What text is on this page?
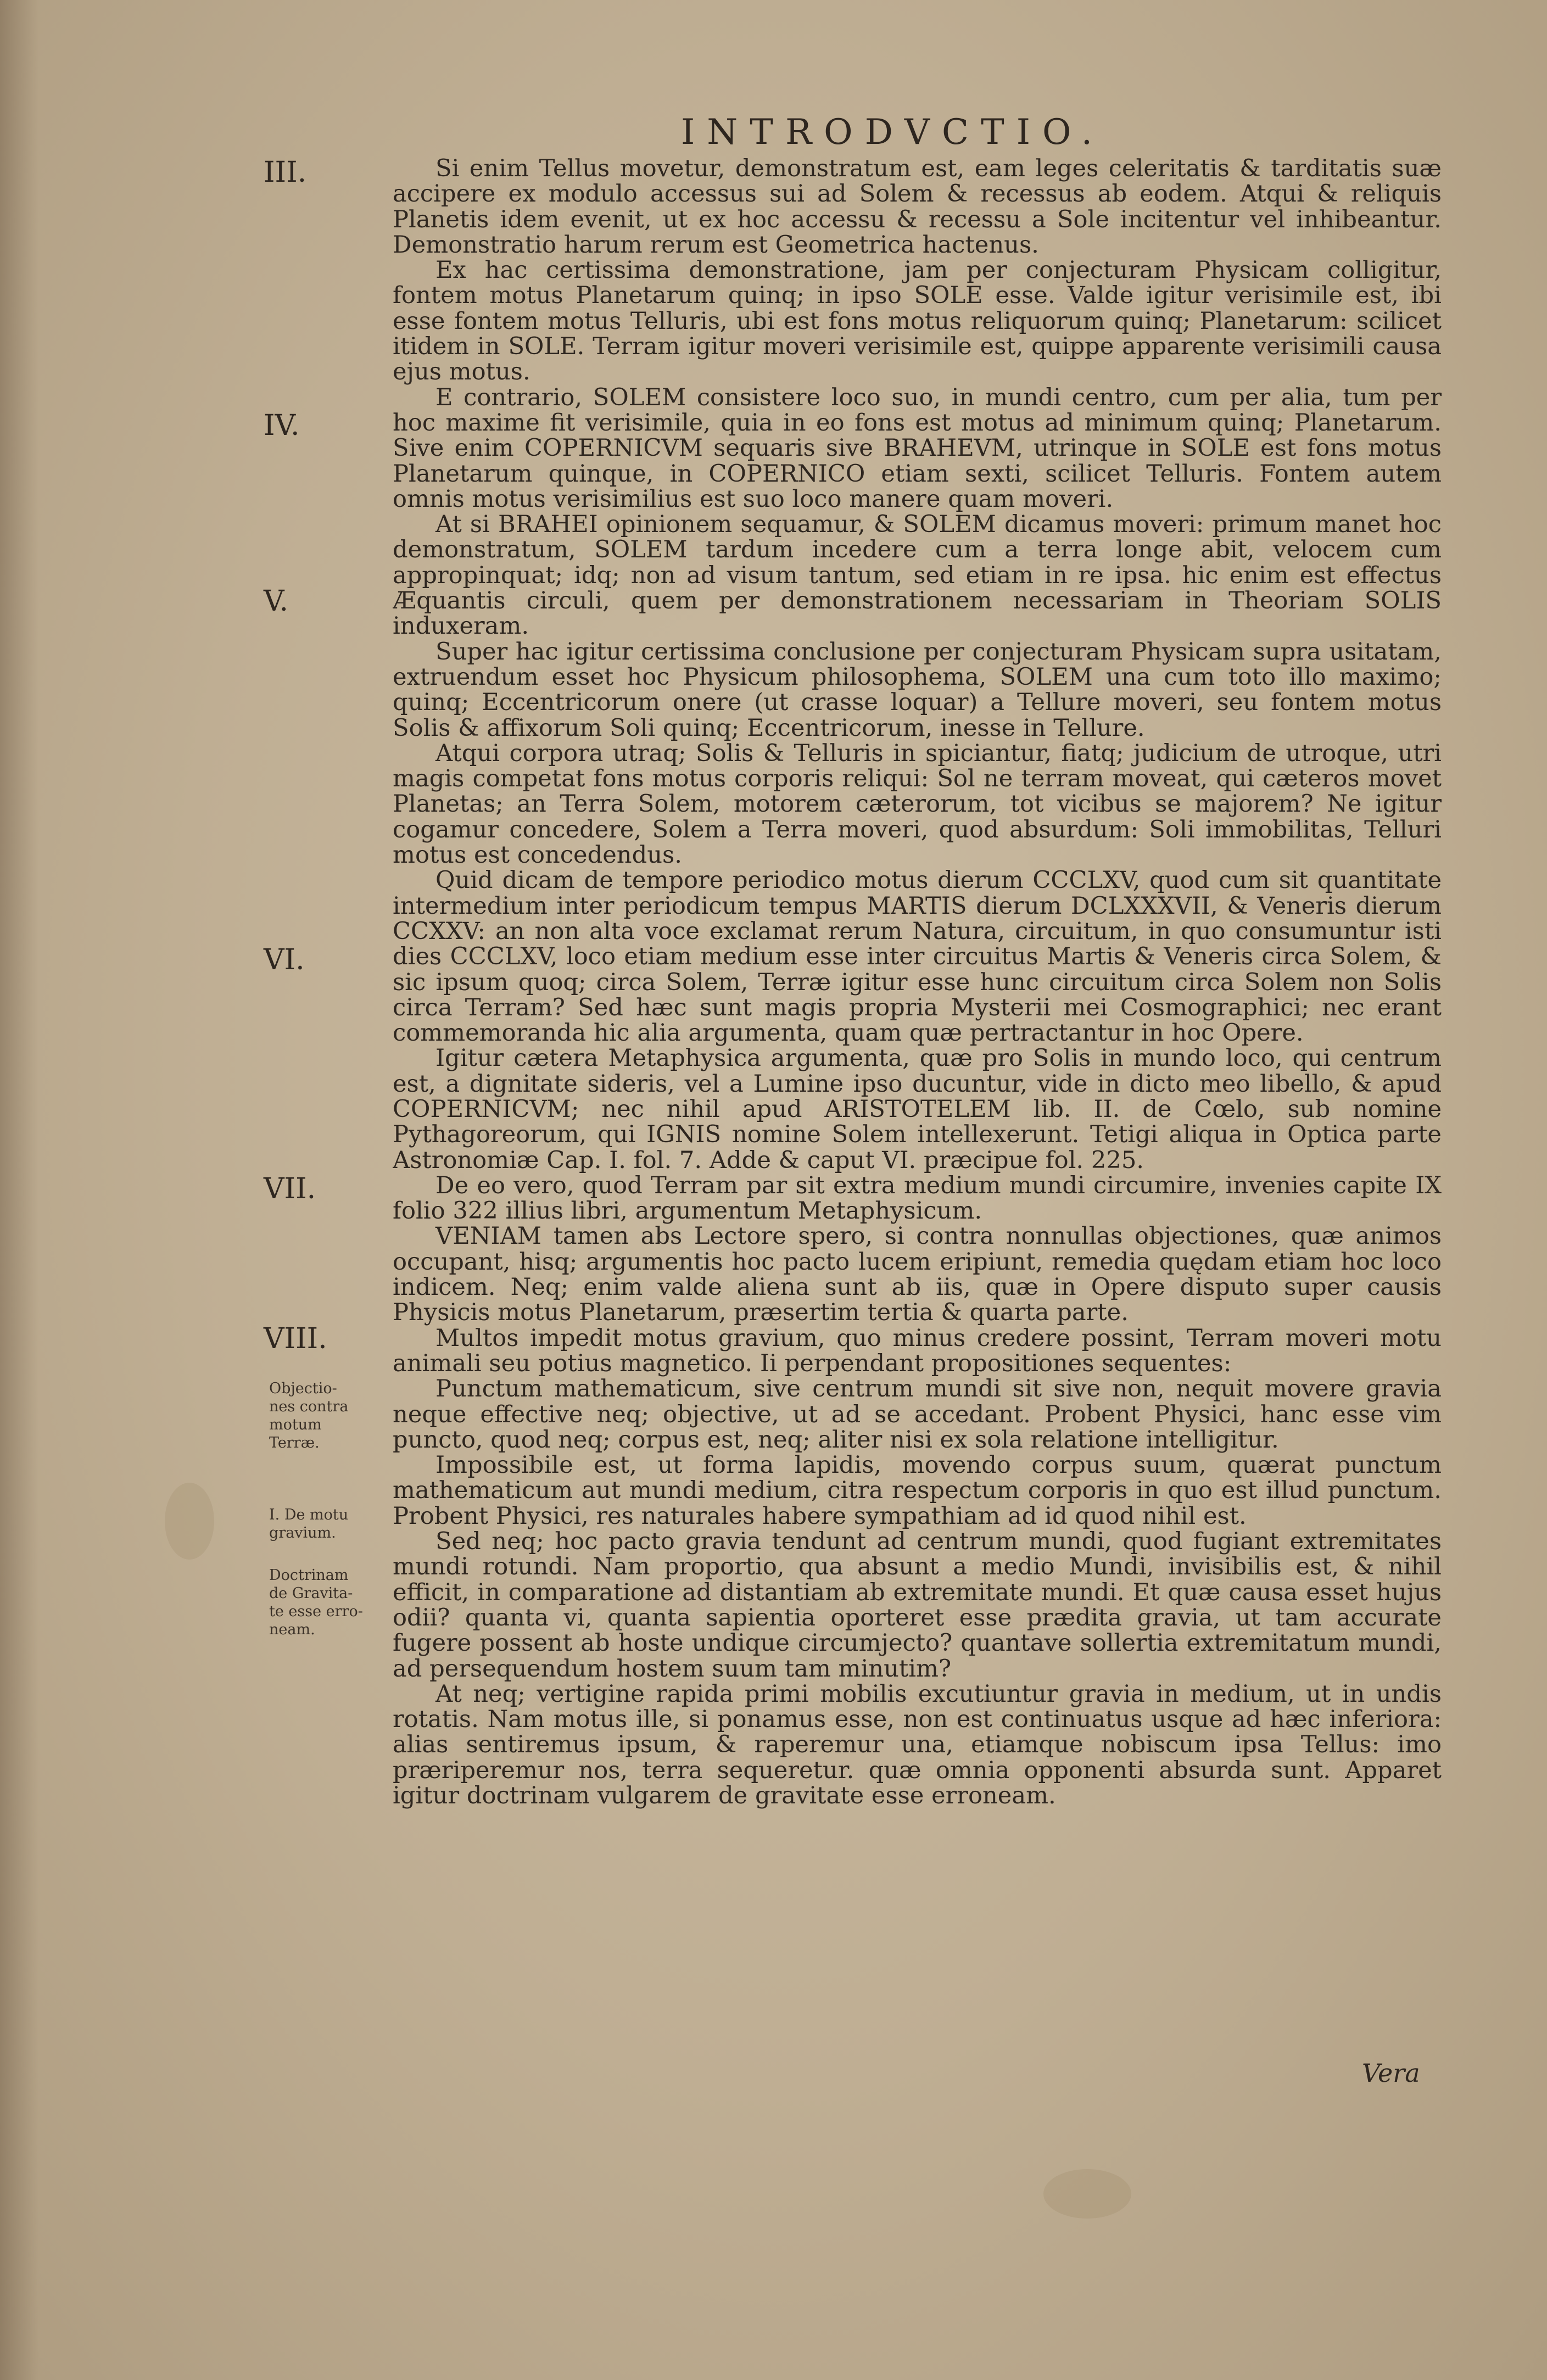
INTRODVCTIO.
III.
IV.
V.
VI.
VII.
VIII.
Objectio-
nes contra
motum
Terræ.
I. De motu
gravium.
Doctrinam
de Gravita-
te esse erro-
neam.

Si enim Tellus movetur, demonstratum est, eam leges celeritatis & tarditatis suæ accipere ex modulo accessus sui ad Solem & recessus ab eodem. Atqui & reliquis Planetis idem evenit, ut ex hoc accessu & recessu a Sole incitentur vel inhibeantur. Demonstratio harum rerum est Geometrica hactenus.

Ex hac certissima demonstratione, jam per conjecturam Physicam colligitur, fontem motus Planetarum quinq; in ipso SOLE esse. Valde igitur verisimile est, ibi esse fontem motus Telluris, ubi est fons motus reliquorum quinq; Planetarum: scilicet itidem in SOLE. Terram igitur moveri verisimile est, quippe apparente verisimili causa ejus motus.

E contrario, SOLEM consistere loco suo, in mundi centro, cum per alia, tum per hoc maxime fit verisimile, quia in eo fons est motus ad minimum quinq; Planetarum. Sive enim COPERNICVM sequaris sive BRAHEVM, utrinque in SOLE est fons motus Planetarum quinque, in COPERNICO etiam sexti, scilicet Telluris. Fontem autem omnis motus verisimilius est suo loco manere quam moveri.

At si BRAHEI opinionem sequamur, & SOLEM dicamus moveri: primum manet hoc demonstratum, SOLEM tardum incedere cum a terra longe abit, velocem cum appropinquat; idq; non ad visum tantum, sed etiam in re ipsa. hic enim est effectus Æquantis circuli, quem per demonstrationem necessariam in Theoriam SOLIS induxeram.

Super hac igitur certissima conclusione per conjecturam Physicam supra usitatam, extruendum esset hoc Physicum philosophema, SOLEM una cum toto illo maximo; quinq; Eccentricorum onere (ut crasse loquar) a Tellure moveri, seu fontem motus Solis & affixorum Soli quinq; Eccentricorum, inesse in Tellure.

Atqui corpora utraq; Solis & Telluris in spiciantur, fiatq; judicium de utroque, utri magis competat fons motus corporis reliqui: Sol ne terram moveat, qui cæteros movet Planetas; an Terra Solem, motorem cæterorum, tot vicibus se majorem? Ne igitur cogamur concedere, Solem a Terra moveri, quod absurdum: Soli immobilitas, Telluri motus est concedendus.

Quid dicam de tempore periodico motus dierum CCCLXV, quod cum sit quantitate intermedium inter periodicum tempus MARTIS dierum DCLXXXVII, & Veneris dierum CCXXV: an non alta voce exclamat rerum Natura, circuitum, in quo consumuntur isti dies CCCLXV, loco etiam medium esse inter circuitus Martis & Veneris circa Solem, & sic ipsum quoq; circa Solem, Terræ igitur esse hunc circuitum circa Solem non Solis circa Terram? Sed hæc sunt magis propria Mysterii mei Cosmographici; nec erant commemoranda hic alia argumenta, quam quæ pertractantur in hoc Opere.

Igitur cætera Metaphysica argumenta, quæ pro Solis in mundo loco, qui centrum est, a dignitate sideris, vel a Lumine ipso ducuntur, vide in dicto meo libello, & apud COPERNICVM; nec nihil apud ARISTOTELEM lib. II. de Cœlo, sub nomine Pythagoreorum, qui IGNIS nomine Solem intellexerunt. Tetigi aliqua in Optica parte Astronomiæ Cap. I. fol. 7. Adde & caput VI. præcipue fol. 225.

De eo vero, quod Terram par sit extra medium mundi circumire, invenies capite IX folio 322 illius libri, argumentum Metaphysicum.

VENIAM tamen abs Lectore spero, si contra nonnullas objectiones, quæ animos occupant, hisq; argumentis hoc pacto lucem eripiunt, remedia quędam etiam hoc loco indicem. Neq; enim valde aliena sunt ab iis, quæ in Opere disputo super causis Physicis motus Planetarum, præsertim tertia & quarta parte.

Multos impedit motus gravium, quo minus credere possint, Terram moveri motu animali seu potius magnetico. Ii perpendant propositiones sequentes:

Punctum mathematicum, sive centrum mundi sit sive non, nequit movere gravia neque effective neq; objective, ut ad se accedant. Probent Physici, hanc esse vim puncto, quod neq; corpus est, neq; aliter nisi ex sola relatione intelligitur.

Impossibile est, ut forma lapidis, movendo corpus suum, quærat punctum mathematicum aut mundi medium, citra respectum corporis in quo est illud punctum. Probent Physici, res naturales habere sympathiam ad id quod nihil est.

Sed neq; hoc pacto gravia tendunt ad centrum mundi, quod fugiant extremitates mundi rotundi. Nam proportio, qua absunt a medio Mundi, invisibilis est, & nihil efficit, in comparatione ad distantiam ab extremitate mundi. Et quæ causa esset hujus odii? quanta vi, quanta sapientia oporteret esse prædita gravia, ut tam accurate fugere possent ab hoste undique circumjecto? quantave sollertia extremitatum mundi, ad persequendum hostem suum tam minutim?

At neq; vertigine rapida primi mobilis excutiuntur gravia in medium, ut in undis rotatis. Nam motus ille, si ponamus esse, non est continuatus usque ad hæc inferiora: alias sentiremus ipsum, & raperemur una, etiamque nobiscum ipsa Tellus: imo præriperemur nos, terra sequeretur. quæ omnia opponenti absurda sunt. Apparet igitur doctrinam vulgarem de gravitate esse erroneam.

Vera
